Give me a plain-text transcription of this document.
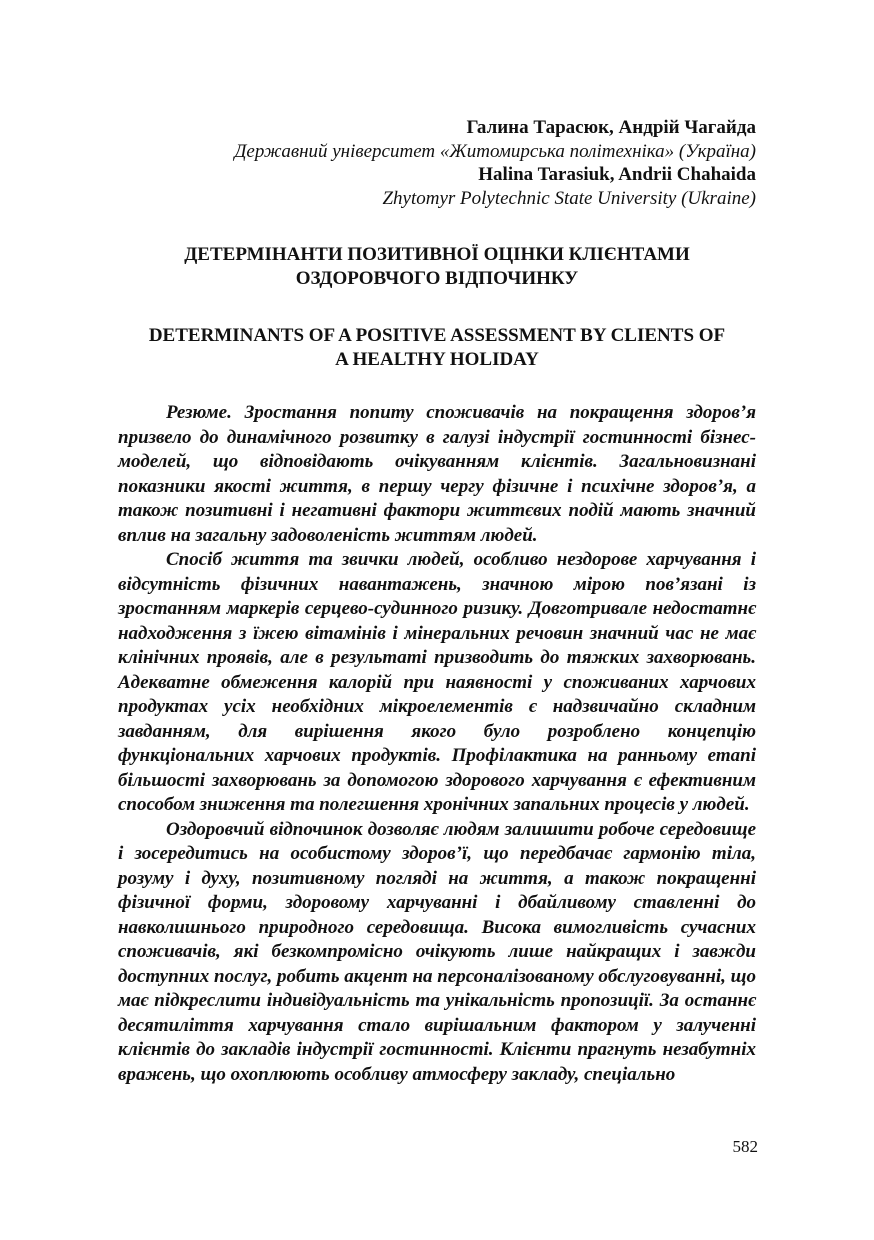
Галина Тарасюк, Андрій Чагайда
Державний університет «Житомирська політехніка» (Україна)
Halina Tarasiuk, Andrii Chahaida
Zhytomyr Polytechnic State University (Ukraine)
ДЕТЕРМІНАНТИ ПОЗИТИВНОЇ ОЦІНКИ КЛІЄНТАМИ
ОЗДОРОВЧОГО ВІДПОЧИНКУ
DETERMINANTS OF A POSITIVE ASSESSMENT BY CLIENTS OF
A HEALTHY HOLIDAY

Резюме. Зростання попиту споживачів на покращення здоров’я призвело до динамічного розвитку в галузі індустрії гостинності бізнес-моделей, що відповідають очікуванням клієнтів. Загальновизнані показники якості життя, в першу чергу фізичне і психічне здоров’я, а також позитивні і негативні фактори життєвих подій мають значний вплив на загальну задоволеність життям людей.

Спосіб життя та звички людей, особливо нездорове харчування і відсутність фізичних навантажень, значною мірою пов’язані із зростанням маркерів серцево-судинного ризику. Довготривале недостатнє надходження з їжею вітамінів і мінеральних речовин значний час не має клінічних проявів, але в результаті призводить до тяжких захворювань. Адекватне обмеження калорій при наявності у споживаних харчових продуктах усіх необхідних мікроелементів є надзвичайно складним завданням, для вирішення якого було розроблено концепцію функціональних харчових продуктів. Профілактика на ранньому етапі більшості захворювань за допомогою здорового харчування є ефективним способом зниження та полегшення хронічних запальних процесів у людей.

Оздоровчий відпочинок дозволяє людям залишити робоче середовище і зосередитись на особистому здоров’ї, що передбачає гармонію тіла, розуму і духу, позитивному погляді на життя, а також покращенні фізичної форми, здоровому харчуванні і дбайливому ставленні до навколишнього природного середовища. Висока вимогливість сучасних споживачів, які безкомпромісно очікують лише найкращих і завжди доступних послуг, робить акцент на персоналізованому обслуговуванні, що має підкреслити індивідуальність та унікальність пропозиції. За останнє десятиліття харчування стало вирішальним фактором у залученні клієнтів до закладів індустрії гостинності. Клієнти прагнуть незабутніх вражень, що охоплюють особливу атмосферу закладу, спеціально

582
